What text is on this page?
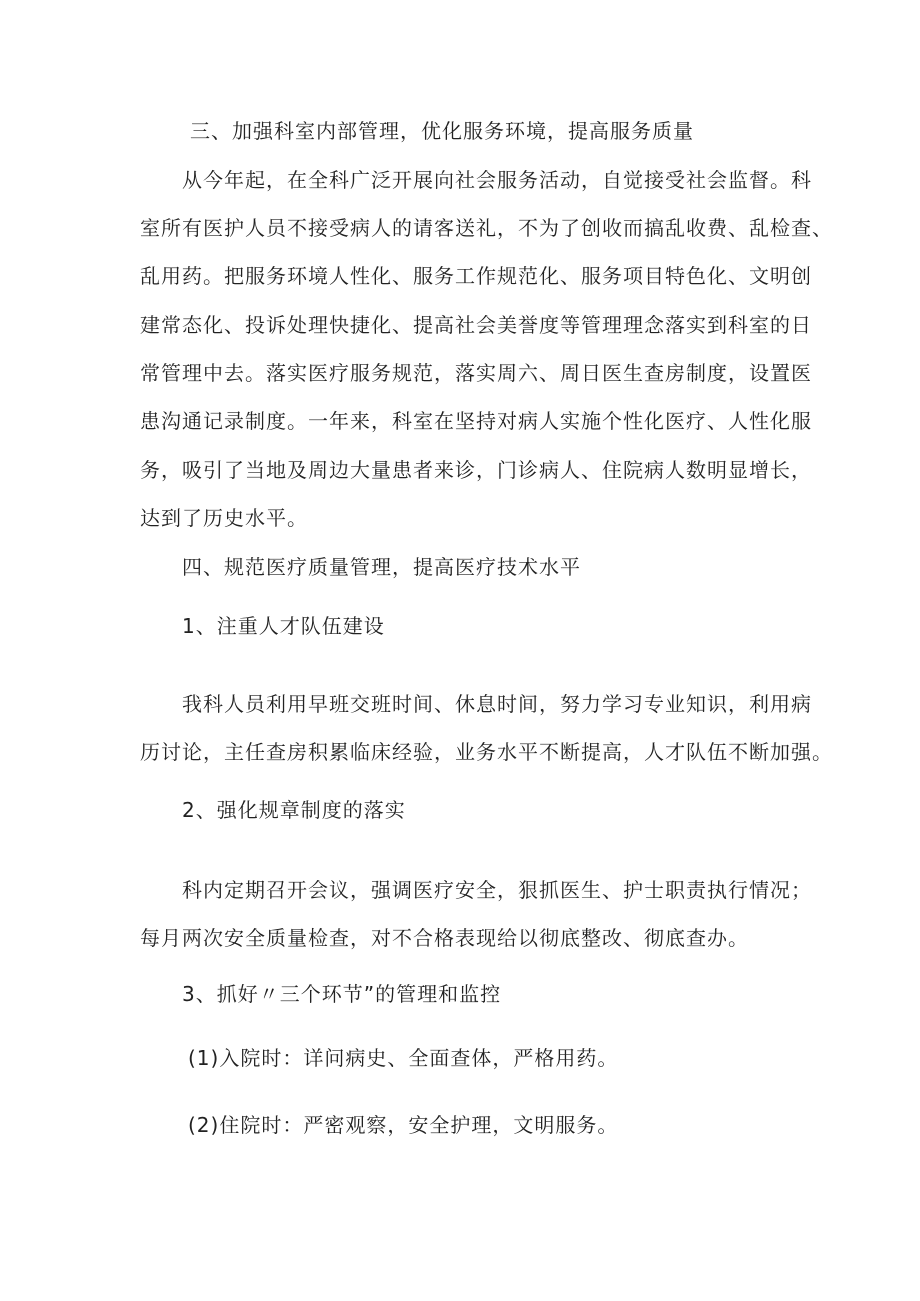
三、加强科室内部管理，优化服务环境，提高服务质量
从今年起，在全科广泛开展向社会服务活动，自觉接受社会监督。科
室所有医护人员不接受病人的请客送礼，不为了创收而搞乱收费、乱检查、
乱用药。把服务环境人性化、服务工作规范化、服务项目特色化、文明创
建常态化、投诉处理快捷化、提高社会美誉度等管理理念落实到科室的日
常管理中去。落实医疗服务规范，落实周六、周日医生查房制度，设置医
患沟通记录制度。一年来，科室在坚持对病人实施个性化医疗、人性化服
务，吸引了当地及周边大量患者来诊，门诊病人、住院病人数明显增长，
达到了历史水平。
四、规范医疗质量管理，提高医疗技术水平
1、注重人才队伍建设
我科人员利用早班交班时间、休息时间，努力学习专业知识，利用病
历讨论，主任查房积累临床经验，业务水平不断提高，人才队伍不断加强。
2、强化规章制度的落实
科内定期召开会议，强调医疗安全，狠抓医生、护士职责执行情况；
每月两次安全质量检查，对不合格表现给以彻底整改、彻底查办。
3、抓好〃三个环节”的管理和监控
(1)入院时：详问病史、全面查体，严格用药。
(2)住院时：严密观察，安全护理，文明服务。
